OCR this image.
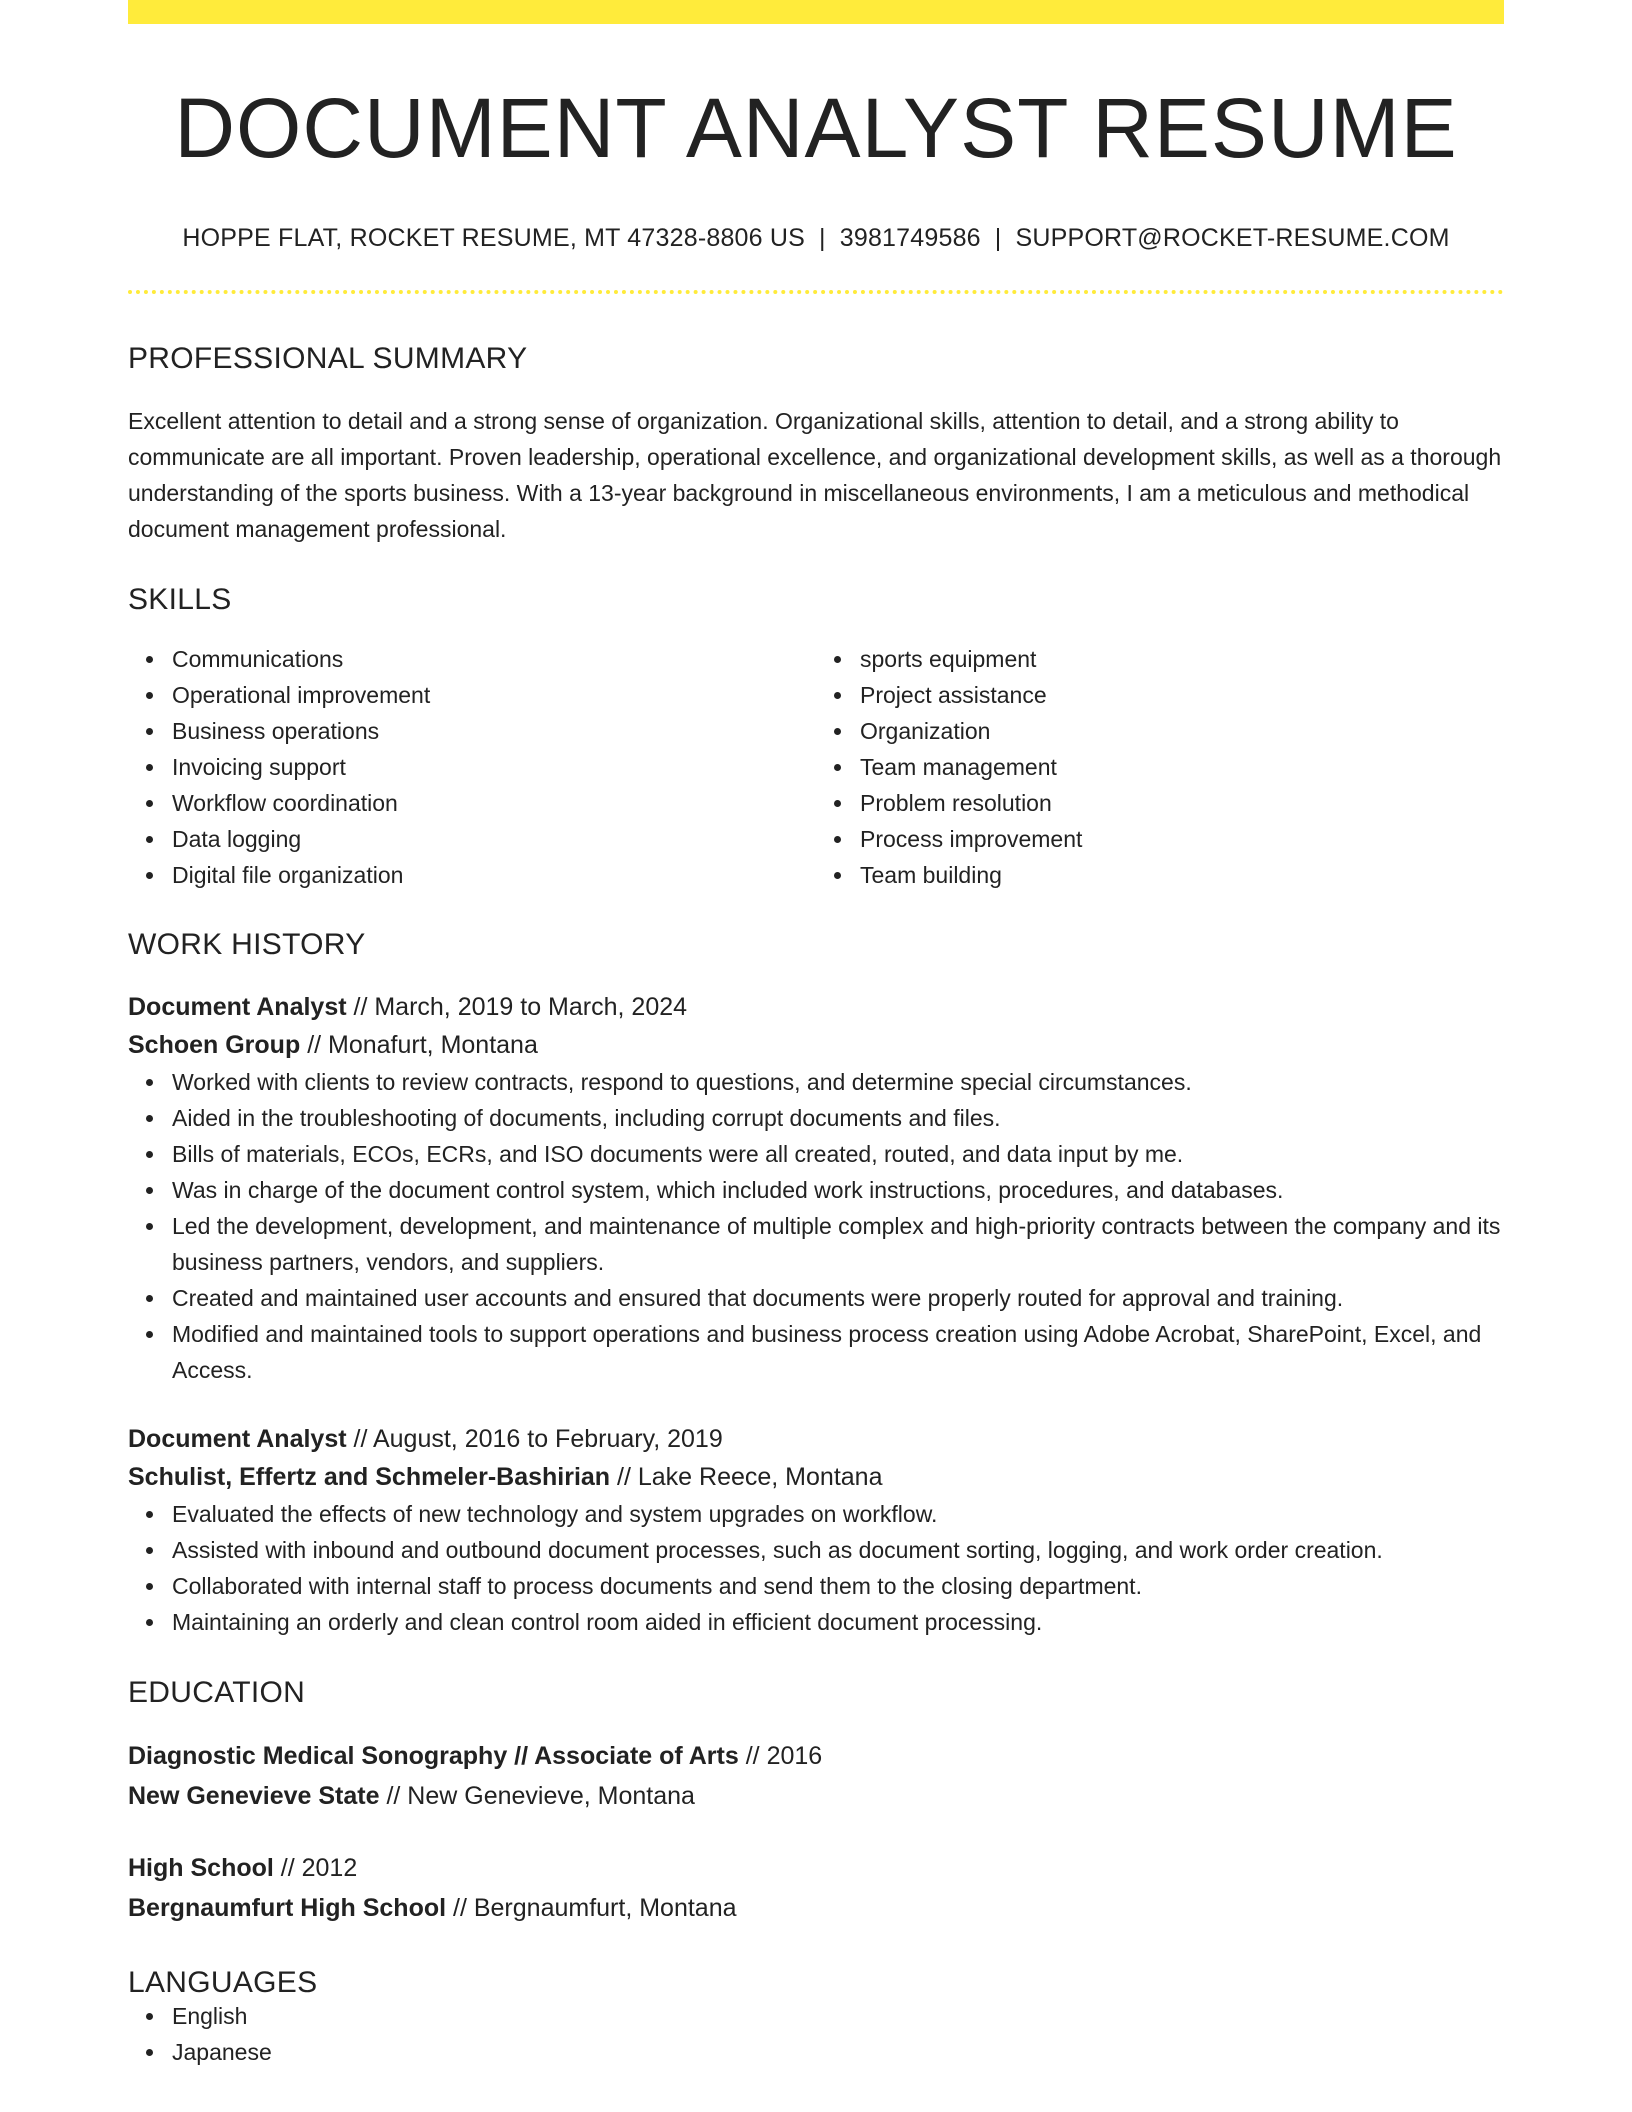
DOCUMENT ANALYST RESUME
HOPPE FLAT, ROCKET RESUME, MT 47328-8806 US | 3981749586 | SUPPORT@ROCKET-RESUME.COM
PROFESSIONAL SUMMARY

Excellent attention to detail and a strong sense of organization. Organizational skills, attention to detail, and a strong ability to communicate are all important. Proven leadership, operational excellence, and organizational development skills, as well as a thorough understanding of the sports business. With a 13-year background in miscellaneous environments, I am a meticulous and methodical document management professional.

SKILLS
Communications
Operational improvement
Business operations
Invoicing support
Workflow coordination
Data logging
Digital file organization
sports equipment
Project assistance
Organization
Team management
Problem resolution
Process improvement
Team building
WORK HISTORY
Document Analyst // March, 2019 to March, 2024
Schoen Group // Monafurt, Montana
Worked with clients to review contracts, respond to questions, and determine special circumstances.
Aided in the troubleshooting of documents, including corrupt documents and files.
Bills of materials, ECOs, ECRs, and ISO documents were all created, routed, and data input by me.
Was in charge of the document control system, which included work instructions, procedures, and databases.
Led the development, development, and maintenance of multiple complex and high-priority contracts between the company and its business partners, vendors, and suppliers.
Created and maintained user accounts and ensured that documents were properly routed for approval and training.
Modified and maintained tools to support operations and business process creation using Adobe Acrobat, SharePoint, Excel, and Access.
Document Analyst // August, 2016 to February, 2019
Schulist, Effertz and Schmeler-Bashirian // Lake Reece, Montana
Evaluated the effects of new technology and system upgrades on workflow.
Assisted with inbound and outbound document processes, such as document sorting, logging, and work order creation.
Collaborated with internal staff to process documents and send them to the closing department.
Maintaining an orderly and clean control room aided in efficient document processing.
EDUCATION
Diagnostic Medical Sonography // Associate of Arts // 2016
New Genevieve State // New Genevieve, Montana
High School // 2012
Bergnaumfurt High School // Bergnaumfurt, Montana
LANGUAGES
English
Japanese
